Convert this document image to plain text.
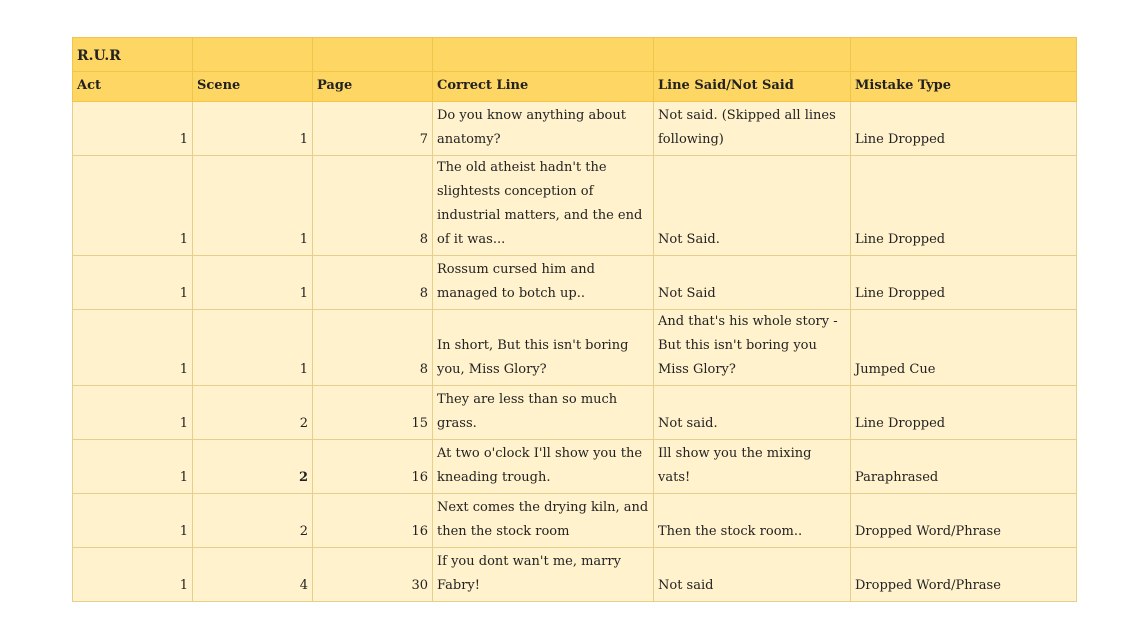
R.U.R					
Act	Scene	Page	Correct Line	Line Said/Not Said	Mistake Type
1	1	7	Do you know anything about anatomy?	Not said. (Skipped all lines following)	Line Dropped
1	1	8	The old atheist hadn't the slightests conception of industrial matters, and the end of it was...	Not Said.	Line Dropped
1	1	8	Rossum cursed him and managed to botch up..	Not Said	Line Dropped
1	1	8	In short, But this isn't boring you, Miss Glory?	And that's his whole story - But this isn't boring you Miss Glory?	Jumped Cue
1	2	15	They are less than so much grass.	Not said.	Line Dropped
1	2	16	At two o'clock I'll show you the kneading trough.	Ill show you the mixing vats!	Paraphrased
1	2	16	Next comes the drying kiln, and then the stock room	Then the stock room..	Dropped Word/Phrase
1	4	30	If you dont wan't me, marry Fabry!	Not said	Dropped Word/Phrase
